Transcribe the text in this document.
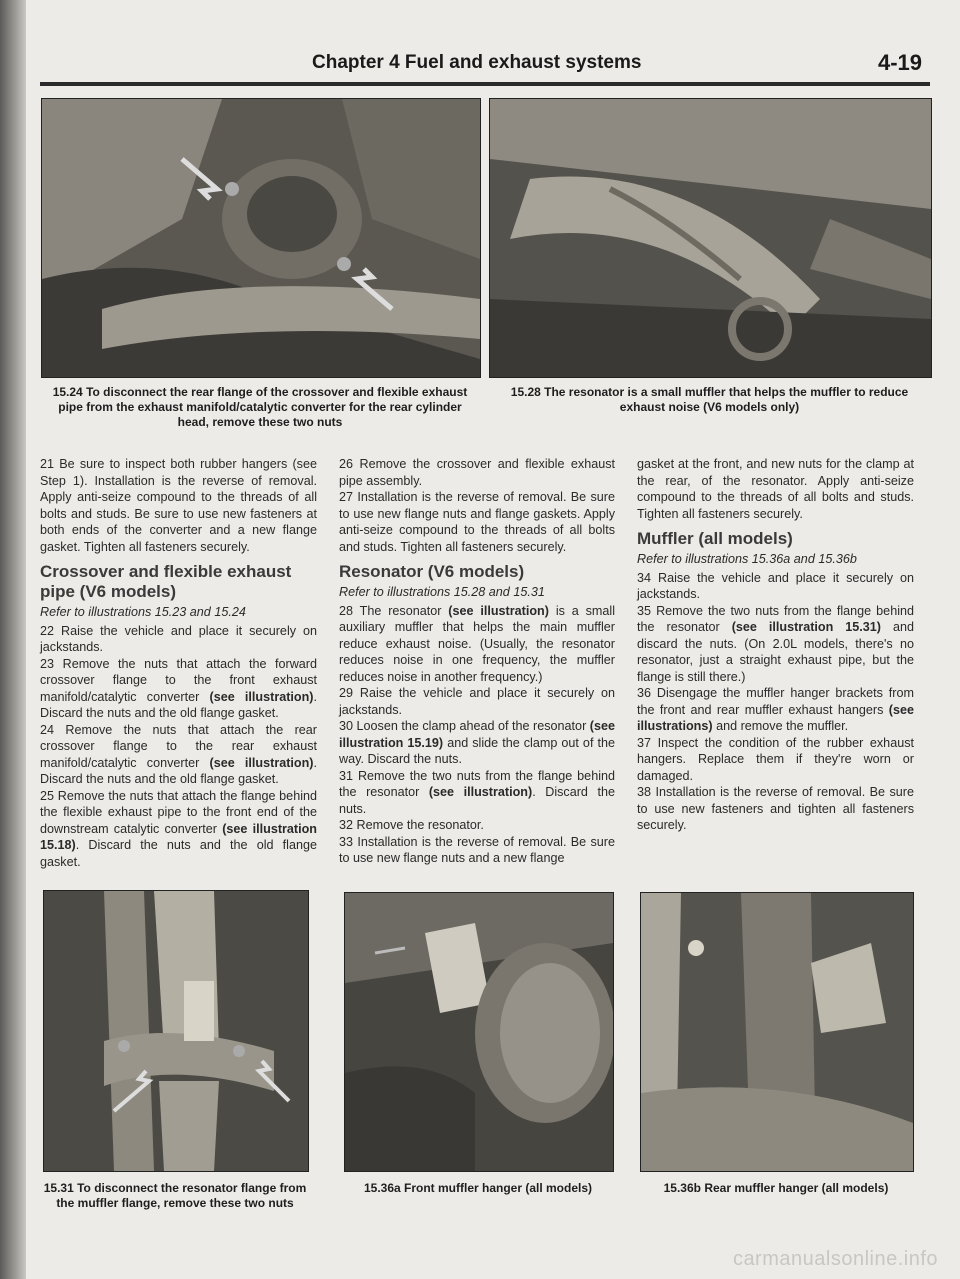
Chapter 4 Fuel and exhaust systems	4-19
15.24 To disconnect the rear flange of the crossover and flexible exhaust pipe from the exhaust manifold/catalytic converter for the rear cylinder head, remove these two nuts
15.28 The resonator is a small muffler that helps the muffler to reduce exhaust noise (V6 models only)

21 Be sure to inspect both rubber hangers (see Step 1). Installation is the reverse of removal. Apply anti-seize compound to the threads of all bolts and studs. Be sure to use new fasteners at both ends of the converter and a new flange gasket. Tighten all fasteners securely.

Crossover and flexible exhaust pipe (V6 models)

Refer to illustrations 15.23 and 15.24

22 Raise the vehicle and place it securely on jackstands.

23 Remove the nuts that attach the forward crossover flange to the front exhaust manifold/catalytic converter (see illustration). Discard the nuts and the old flange gasket.

24 Remove the nuts that attach the rear crossover flange to the rear exhaust manifold/catalytic converter (see illustration). Discard the nuts and the old flange gasket.

25 Remove the nuts that attach the flange behind the flexible exhaust pipe to the front end of the downstream catalytic converter (see illustration 15.18). Discard the nuts and the old flange gasket.

26 Remove the crossover and flexible exhaust pipe assembly.

27 Installation is the reverse of removal. Be sure to use new flange nuts and flange gaskets. Apply anti-seize compound to the threads of all bolts and studs. Tighten all fasteners securely.

Resonator (V6 models)

Refer to illustrations 15.28 and 15.31

28 The resonator (see illustration) is a small auxiliary muffler that helps the main muffler reduce exhaust noise. (Usually, the resonator reduces noise in one frequency, the muffler reduces noise in another frequency.)

29 Raise the vehicle and place it securely on jackstands.

30 Loosen the clamp ahead of the resonator (see illustration 15.19) and slide the clamp out of the way. Discard the nuts.

31 Remove the two nuts from the flange behind the resonator (see illustration). Discard the nuts.

32 Remove the resonator.

33 Installation is the reverse of removal. Be sure to use new flange nuts and a new flange

gasket at the front, and new nuts for the clamp at the rear, of the resonator. Apply anti-seize compound to the threads of all bolts and studs. Tighten all fasteners securely.

Muffler (all models)

Refer to illustrations 15.36a and 15.36b

34 Raise the vehicle and place it securely on jackstands.

35 Remove the two nuts from the flange behind the resonator (see illustration 15.31) and discard the nuts. (On 2.0L models, there's no resonator, just a straight exhaust pipe, but the flange is still there.)

36 Disengage the muffler hanger brackets from the front and rear muffler exhaust hangers (see illustrations) and remove the muffler.

37 Inspect the condition of the rubber exhaust hangers. Replace them if they're worn or damaged.

38 Installation is the reverse of removal. Be sure to use new fasteners and tighten all fasteners securely.

15.31 To disconnect the resonator flange from the muffler flange, remove these two nuts
15.36a Front muffler hanger (all models)	15.36b Rear muffler hanger (all models)
carmanualsonline.info
